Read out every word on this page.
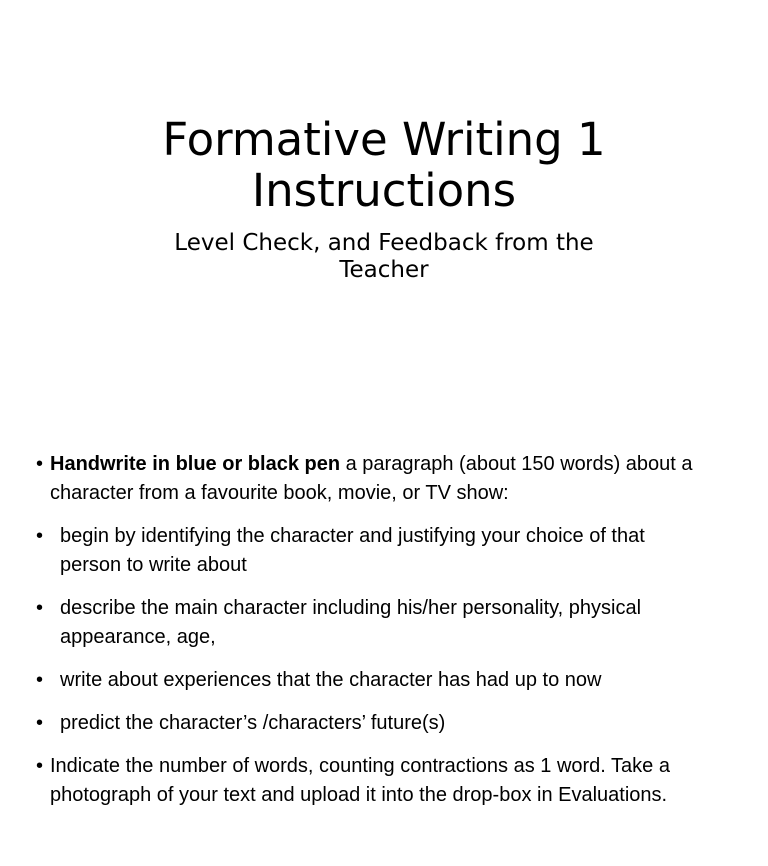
Formative Writing 1
Instructions
Level Check, and Feedback from the
Teacher
• Handwrite in blue or black pen a paragraph (about 150 words) about a
character from a favourite book, movie, or TV show:
• begin by identifying the character and justifying your choice of that
person to write about
• describe the main character including his/her personality, physical
appearance, age,
• write about experiences that the character has had up to now
• predict the character’s /characters’ future(s)
• Indicate the number of words, counting contractions as 1 word. Take a
photograph of your text and upload it into the drop-box in Evaluations.
